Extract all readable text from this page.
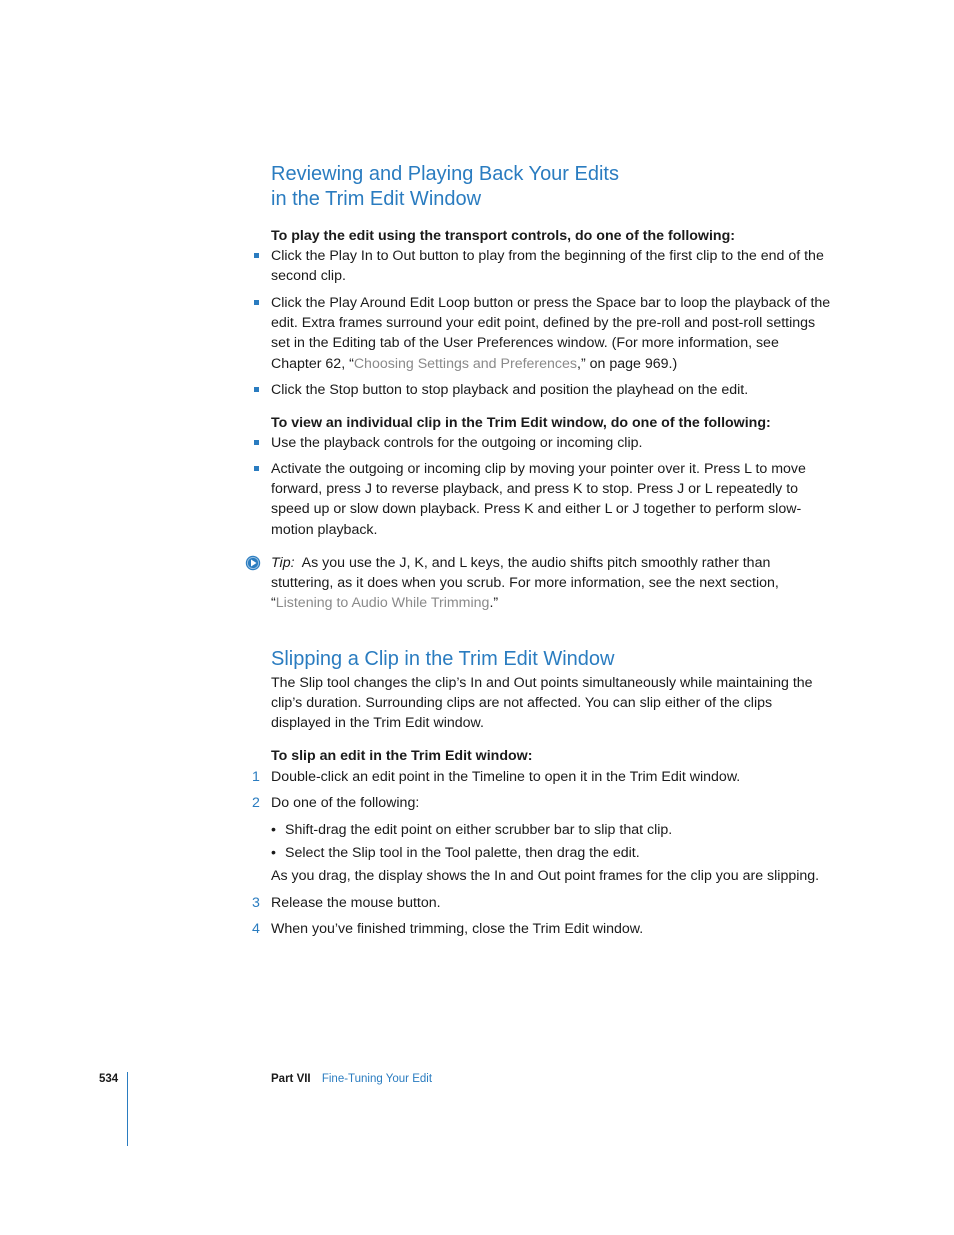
Reviewing and Playing Back Your Edits
in the Trim Edit Window

To play the edit using the transport controls, do one of the following:

Click the Play In to Out button to play from the beginning of the first clip to the end of the second clip.

Click the Play Around Edit Loop button or press the Space bar to loop the playback of the edit. Extra frames surround your edit point, defined by the pre-roll and post-roll settings set in the Editing tab of the User Preferences window. (For more information, see Chapter 62, “Choosing Settings and Preferences,” on page 969.)

Click the Stop button to stop playback and position the playhead on the edit.

To view an individual clip in the Trim Edit window, do one of the following:

Use the playback controls for the outgoing or incoming clip.

Activate the outgoing or incoming clip by moving your pointer over it. Press L to move forward, press J to reverse playback, and press K to stop. Press J or L repeatedly to speed up or slow down playback. Press K and either L or J together to perform slow-motion playback.

Tip: As you use the J, K, and L keys, the audio shifts pitch smoothly rather than stuttering, as it does when you scrub. For more information, see the next section, “Listening to Audio While Trimming.”

Slipping a Clip in the Trim Edit Window

The Slip tool changes the clip’s In and Out points simultaneously while maintaining the clip’s duration. Surrounding clips are not affected. You can slip either of the clips displayed in the Trim Edit window.

To slip an edit in the Trim Edit window:

1 Double-click an edit point in the Timeline to open it in the Trim Edit window.

2 Do one of the following:

• Shift-drag the edit point on either scrubber bar to slip that clip.

• Select the Slip tool in the Tool palette, then drag the edit.

As you drag, the display shows the In and Out point frames for the clip you are slipping.

3 Release the mouse button.

4 When you’ve finished trimming, close the Trim Edit window.

534	Part VII Fine-Tuning Your Edit
